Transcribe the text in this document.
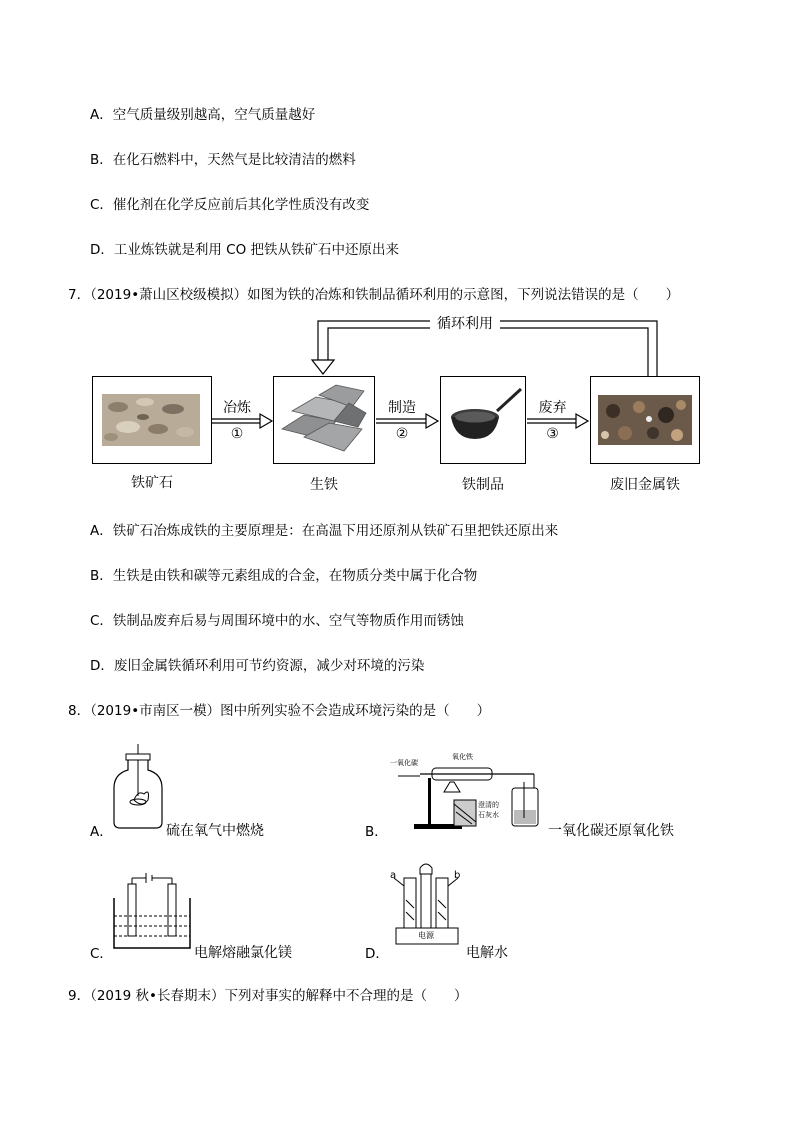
A．空气质量级别越高，空气质量越好
B．在化石燃料中，天然气是比较清洁的燃料
C．催化剂在化学反应前后其化学性质没有改变
D．工业炼铁就是利用 CO 把铁从铁矿石中还原出来
7．（2019•萧山区校级模拟）如图为铁的冶炼和铁制品循环利用的示意图，下列说法错误的是（　　）
循环利用
铁矿石	生铁	铁制品	废旧金属铁
冶炼
①
制造
②
废弃
③
A．铁矿石冶炼成铁的主要原理是：在高温下用还原剂从铁矿石里把铁还原出来
B．生铁是由铁和碳等元素组成的合金，在物质分类中属于化合物
C．铁制品废弃后易与周围环境中的水、空气等物质作用而锈蚀
D．废旧金属铁循环利用可节约资源，减少对环境的污染
8．（2019•市南区一模）图中所列实验不会造成环境污染的是（　　）
A．	硫在氧气中燃烧
一氧化碳
氧化铁
澄清的
石灰水
B．	一氧化碳还原氧化铁
C．	电解熔融氯化镁
a	b
电源
D．	电解水
9．（2019 秋•长春期末）下列对事实的解释中不合理的是（　　）
